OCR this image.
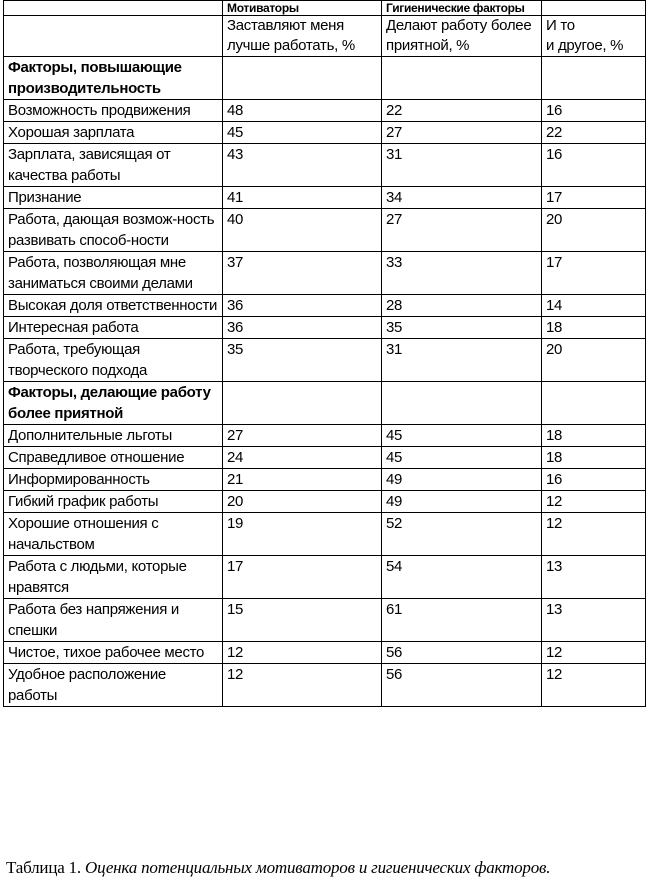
	Мотиваторы	Гигиенические факторы	
	Заставляют меня лучше работать, %	Делают работу более приятной, %	И то
и другое, %
Факторы, повышающие производительность			
Возможность продвижения	48	22	16
Хорошая зарплата	45	27	22
Зарплата, зависящая от качества работы	43	31	16
Признание	41	34	17
Работа, дающая возмож-ность развивать способ-ности	40	27	20
Работа, позволяющая мне заниматься своими делами	37	33	17
Высокая доля ответственности	36	28	14
Интересная работа	36	35	18
Работа, требующая творческого подхода	35	31	20
Факторы, делающие работу более приятной			
Дополнительные льготы	27	45	18
Справедливое отношение	24	45	18
Информированность	21	49	16
Гибкий график работы	20	49	12
Хорошие отношения с начальством	19	52	12
Работа с людьми, которые нравятся	17	54	13
Работа без напряжения и спешки	15	61	13
Чистое, тихое рабочее место	12	56	12
Удобное расположение работы	12	56	12
Таблица 1. Оценка потенциальных мотиваторов и гигиенических факторов.
